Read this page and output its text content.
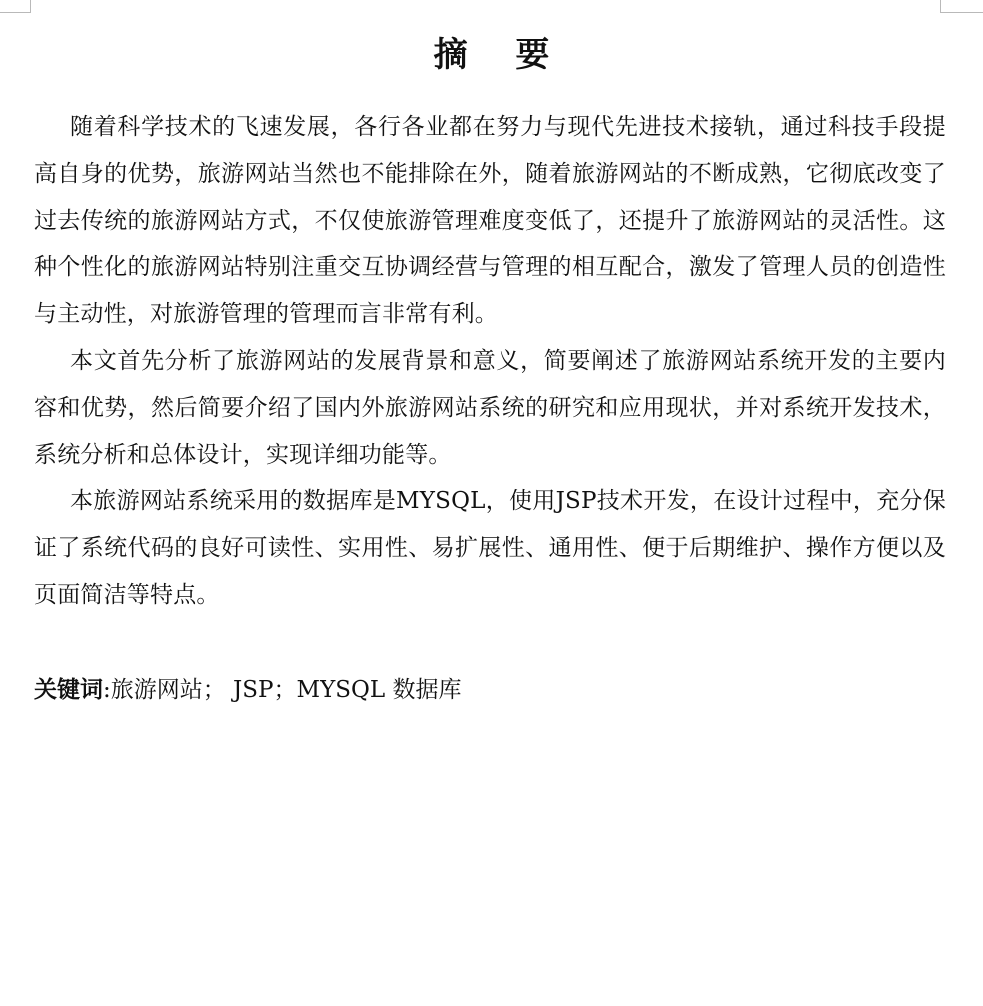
摘 要

随着科学技术的飞速发展，各行各业都在努力与现代先进技术接轨，通过科技手段提高自身的优势，旅游网站当然也不能排除在外，随着旅游网站的不断成熟，它彻底改变了过去传统的旅游网站方式，不仅使旅游管理难度变低了，还提升了旅游网站的灵活性。这种个性化的旅游网站特别注重交互协调经营与管理的相互配合，激发了管理人员的创造性与主动性，对旅游管理的管理而言非常有利。

本文首先分析了旅游网站的发展背景和意义，简要阐述了旅游网站系统开发的主要内容和优势，然后简要介绍了国内外旅游网站系统的研究和应用现状，并对系统开发技术，系统分析和总体设计，实现详细功能等。

本旅游网站系统采用的数据库是MYSQL，使用JSP技术开发，在设计过程中，充分保证了系统代码的良好可读性、实用性、易扩展性、通用性、便于后期维护、操作方便以及页面简洁等特点。

关键词:旅游网站； JSP；MYSQL 数据库
